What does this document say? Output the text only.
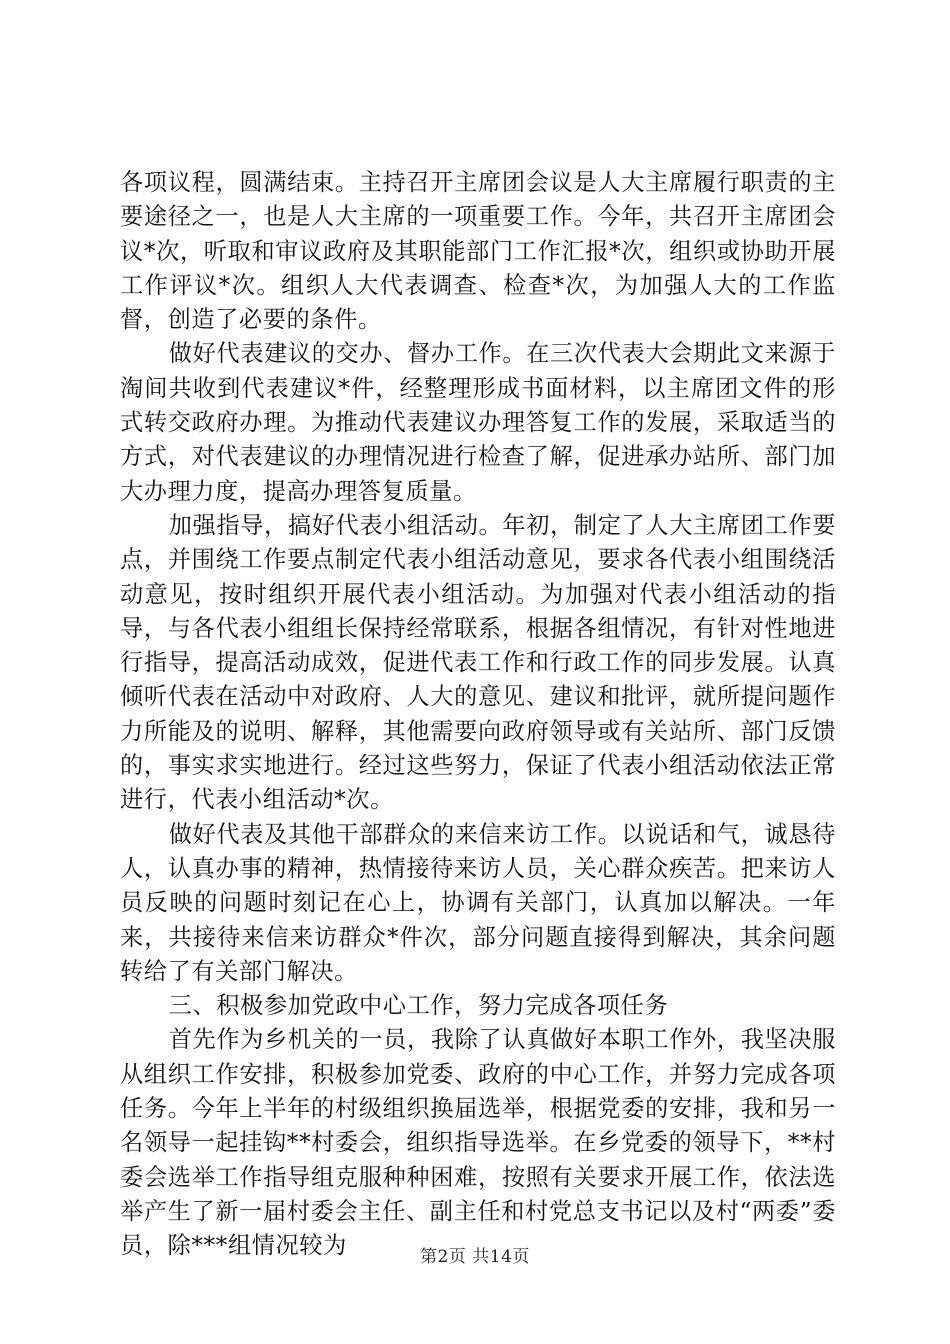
各项议程，圆满结束。主持召开主席团会议是人大主席履行职责的主要途径之一，也是人大主席的一项重要工作。今年，共召开主席团会议*次，听取和审议政府及其职能部门工作汇报*次，组织或协助开展工作评议*次。组织人大代表调查、检查*次，为加强人大的工作监督，创造了必要的条件。

做好代表建议的交办、督办工作。在三次代表大会期此文来源于淘间共收到代表建议*件，经整理形成书面材料，以主席团文件的形式转交政府办理。为推动代表建议办理答复工作的发展，采取适当的方式，对代表建议的办理情况进行检查了解，促进承办站所、部门加大办理力度，提高办理答复质量。

加强指导，搞好代表小组活动。年初，制定了人大主席团工作要点，并围绕工作要点制定代表小组活动意见，要求各代表小组围绕活动意见，按时组织开展代表小组活动。为加强对代表小组活动的指导，与各代表小组组长保持经常联系，根据各组情况，有针对性地进行指导，提高活动成效，促进代表工作和行政工作的同步发展。认真倾听代表在活动中对政府、人大的意见、建议和批评，就所提问题作力所能及的说明、解释，其他需要向政府领导或有关站所、部门反馈的，事实求实地进行。经过这些努力，保证了代表小组活动依法正常进行，代表小组活动*次。

做好代表及其他干部群众的来信来访工作。以说话和气，诚恳待人，认真办事的精神，热情接待来访人员，关心群众疾苦。把来访人员反映的问题时刻记在心上，协调有关部门，认真加以解决。一年来，共接待来信来访群众*件次，部分问题直接得到解决，其余问题转给了有关部门解决。

三、积极参加党政中心工作，努力完成各项任务

首先作为乡机关的一员，我除了认真做好本职工作外，我坚决服从组织工作安排，积极参加党委、政府的中心工作，并努力完成各项任务。今年上半年的村级组织换届选举，根据党委的安排，我和另一名领导一起挂钩**村委会，组织指导选举。在乡党委的领导下，**村委会选举工作指导组克服种种困难，按照有关要求开展工作，依法选举产生了新一届村委会主任、副主任和村党总支书记以及村“两委”委员，除***组情况较为	第2页 共14页
